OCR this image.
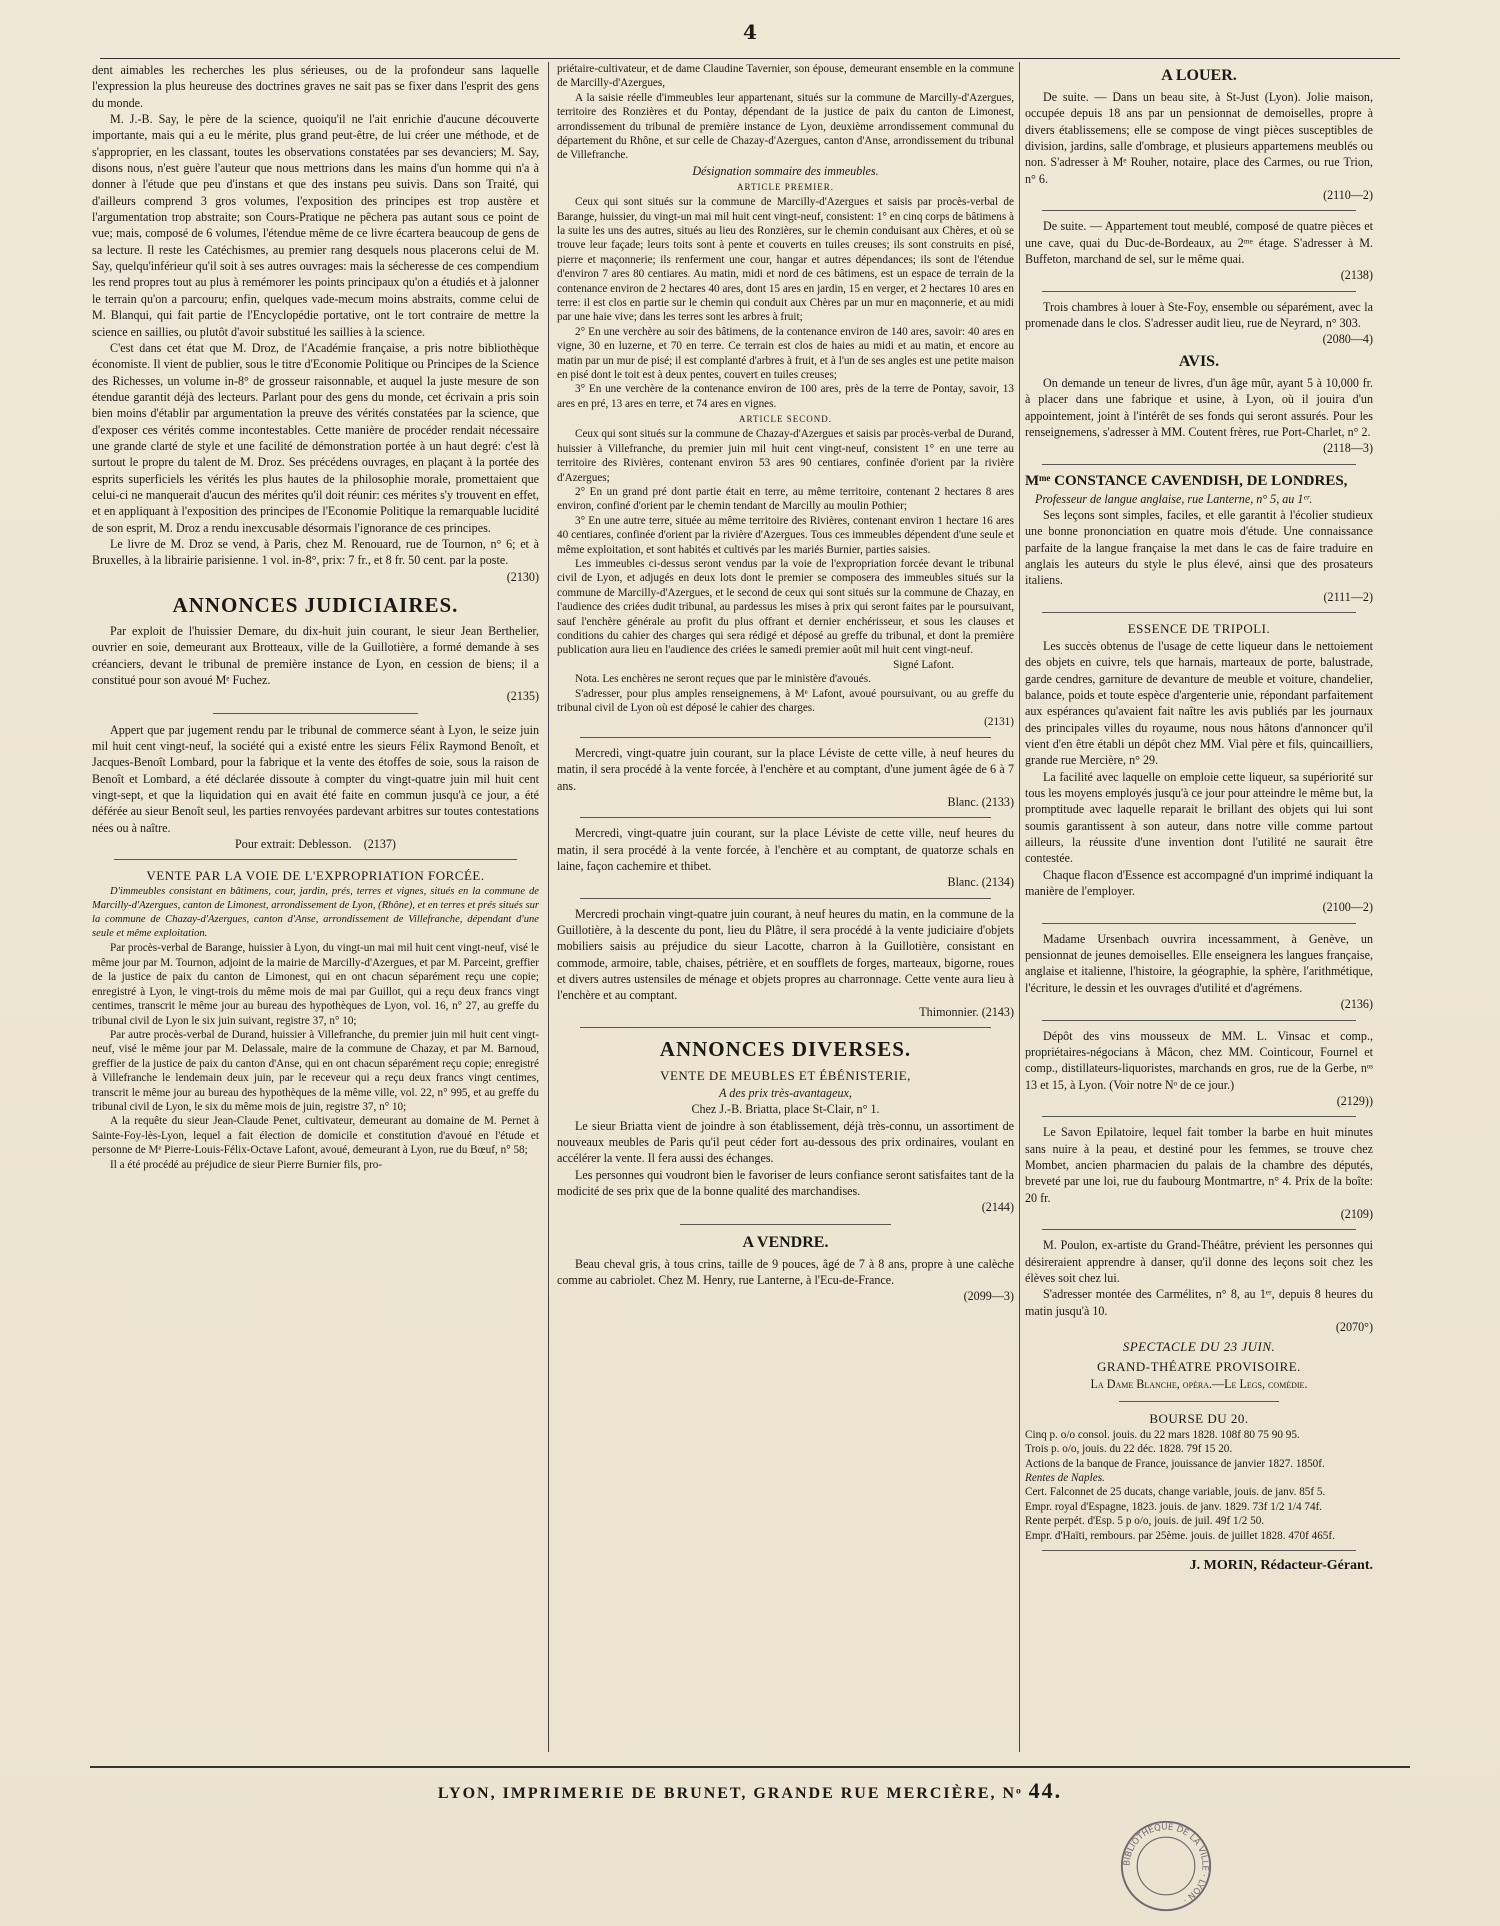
4

dent aimables les recherches les plus sérieuses, ou de la profondeur sans laquelle l'expression la plus heureuse des doctrines graves ne sait pas se fixer dans l'esprit des gens du monde.

M. J.-B. Say, le père de la science, quoiqu'il ne l'ait enrichie d'aucune découverte importante, mais qui a eu le mérite, plus grand peut-être, de lui créer une méthode, et de s'approprier, en les classant, toutes les observations constatées par ses devanciers; M. Say, disons nous, n'est guère l'auteur que nous mettrions dans les mains d'un homme qui n'a à donner à l'étude que peu d'instans et que des instans peu suivis. Dans son Traité, qui d'ailleurs comprend 3 gros volumes, l'exposition des principes est trop austère et l'argumentation trop abstraite; son Cours-Pratique ne pêchera pas autant sous ce point de vue; mais, composé de 6 volumes, l'étendue même de ce livre écartera beaucoup de gens de sa lecture. Il reste les Catéchismes, au premier rang desquels nous placerons celui de M. Say, quelqu'inférieur qu'il soit à ses autres ouvrages: mais la sécheresse de ces compendium les rend propres tout au plus à remémorer les points principaux qu'on a étudiés et à jalonner le terrain qu'on a parcouru; enfin, quelques vade-mecum moins abstraits, comme celui de M. Blanqui, qui fait partie de l'Encyclopédie portative, ont le tort contraire de mettre la science en saillies, ou plutôt d'avoir substitué les saillies à la science.

C'est dans cet état que M. Droz, de l'Académie française, a pris notre bibliothèque économiste. Il vient de publier, sous le titre d'Economie Politique ou Principes de la Science des Richesses, un volume in-8° de grosseur raisonnable, et auquel la juste mesure de son étendue garantit déjà des lecteurs. Parlant pour des gens du monde, cet écrivain a pris soin bien moins d'établir par argumentation la preuve des vérités constatées par la science, que d'exposer ces vérités comme incontestables. Cette manière de procéder rendait nécessaire une grande clarté de style et une facilité de démonstration portée à un haut degré: c'est là surtout le propre du talent de M. Droz. Ses précédens ouvrages, en plaçant à la portée des esprits superficiels les vérités les plus hautes de la philosophie morale, promettaient que celui-ci ne manquerait d'aucun des mérites qu'il doit réunir: ces mérites s'y trouvent en effet, et en appliquant à l'exposition des principes de l'Economie Politique la remarquable lucidité de son esprit, M. Droz a rendu inexcusable désormais l'ignorance de ces principes.

Le livre de M. Droz se vend, à Paris, chez M. Renouard, rue de Tournon, n° 6; et à Bruxelles, à la librairie parisienne. 1 vol. in-8°, prix: 7 fr., et 8 fr. 50 cent. par la poste.

(2130)
ANNONCES JUDICIAIRES.

Par exploit de l'huissier Demare, du dix-huit juin courant, le sieur Jean Berthelier, ouvrier en soie, demeurant aux Brotteaux, ville de la Guillotière, a formé demande à ses créanciers, devant le tribunal de première instance de Lyon, en cession de biens; il a constitué pour son avoué Mᵉ Fuchez.

(2135)

Appert que par jugement rendu par le tribunal de commerce séant à Lyon, le seize juin mil huit cent vingt-neuf, la société qui a existé entre les sieurs Félix Raymond Benoît, et Jacques-Benoît Lombard, pour la fabrique et la vente des étoffes de soie, sous la raison de Benoît et Lombard, a été déclarée dissoute à compter du vingt-quatre juin mil huit cent vingt-sept, et que la liquidation qui en avait été faite en commun jusqu'à ce jour, a été déférée au sieur Benoît seul, les parties renvoyées pardevant arbitres sur toutes contestations nées ou à naître.

Pour extrait: Deblesson. (2137)
VENTE PAR LA VOIE DE L'EXPROPRIATION FORCÉE.

D'immeubles consistant en bâtimens, cour, jardin, prés, terres et vignes, situés en la commune de Marcilly-d'Azergues, canton de Limonest, arrondissement de Lyon, (Rhône), et en terres et prés situés sur la commune de Chazay-d'Azergues, canton d'Anse, arrondissement de Villefranche, dépendant d'une seule et même exploitation.

Par procès-verbal de Barange, huissier à Lyon, du vingt-un mai mil huit cent vingt-neuf, visé le même jour par M. Tournon, adjoint de la mairie de Marcilly-d'Azergues, et par M. Parceint, greffier de la justice de paix du canton de Limonest, qui en ont chacun séparément reçu une copie; enregistré à Lyon, le vingt-trois du même mois de mai par Guillot, qui a reçu deux francs vingt centimes, transcrit le même jour au bureau des hypothèques de Lyon, vol. 16, n° 27, au greffe du tribunal civil de Lyon le six juin suivant, registre 37, n° 10;

Par autre procès-verbal de Durand, huissier à Villefranche, du premier juin mil huit cent vingt-neuf, visé le même jour par M. Delassale, maire de la commune de Chazay, et par M. Barnoud, greffier de la justice de paix du canton d'Anse, qui en ont chacun séparément reçu copie; enregistré à Villefranche le lendemain deux juin, par le receveur qui a reçu deux francs vingt centimes, transcrit le même jour au bureau des hypothèques de la même ville, vol. 22, n° 995, et au greffe du tribunal civil de Lyon, le six du même mois de juin, registre 37, n° 10;

A la requête du sieur Jean-Claude Penet, cultivateur, demeurant au domaine de M. Pernet à Sainte-Foy-lès-Lyon, lequel a fait élection de domicile et constitution d'avoué en l'étude et personne de Mᵉ Pierre-Louis-Félix-Octave Lafont, avoué, demeurant à Lyon, rue du Bœuf, n° 58;

Il a été procédé au préjudice de sieur Pierre Burnier fils, pro-

priétaire-cultivateur, et de dame Claudine Tavernier, son épouse, demeurant ensemble en la commune de Marcilly-d'Azergues,

A la saisie réelle d'immeubles leur appartenant, situés sur la commune de Marcilly-d'Azergues, territoire des Ronzières et du Pontay, dépendant de la justice de paix du canton de Limonest, arrondissement du tribunal de première instance de Lyon, deuxième arrondissement communal du département du Rhône, et sur celle de Chazay-d'Azergues, canton d'Anse, arrondissement du tribunal de Villefranche.

Désignation sommaire des immeubles.
ARTICLE PREMIER.

Ceux qui sont situés sur la commune de Marcilly-d'Azergues et saisis par procès-verbal de Barange, huissier, du vingt-un mai mil huit cent vingt-neuf, consistent: 1° en cinq corps de bâtimens à la suite les uns des autres, situés au lieu des Ronzières, sur le chemin conduisant aux Chères, et où se trouve leur façade; leurs toits sont à pente et couverts en tuiles creuses; ils sont construits en pisé, pierre et maçonnerie; ils renferment une cour, hangar et autres dépendances; ils sont de l'étendue d'environ 7 ares 80 centiares. Au matin, midi et nord de ces bâtimens, est un espace de terrain de la contenance environ de 2 hectares 40 ares, dont 15 ares en jardin, 15 en verger, et 2 hectares 10 ares en terre: il est clos en partie sur le chemin qui conduit aux Chères par un mur en maçonnerie, et au midi par une haie vive; dans les terres sont les arbres à fruit;

2° En une verchère au soir des bâtimens, de la contenance environ de 140 ares, savoir: 40 ares en vigne, 30 en luzerne, et 70 en terre. Ce terrain est clos de haies au midi et au matin, et encore au matin par un mur de pisé; il est complanté d'arbres à fruit, et à l'un de ses angles est une petite maison en pisé dont le toit est à deux pentes, couvert en tuiles creuses;

3° En une verchère de la contenance environ de 100 ares, près de la terre de Pontay, savoir, 13 ares en pré, 13 ares en terre, et 74 ares en vignes.

ARTICLE SECOND.

Ceux qui sont situés sur la commune de Chazay-d'Azergues et saisis par procès-verbal de Durand, huissier à Villefranche, du premier juin mil huit cent vingt-neuf, consistent 1° en une terre au territoire des Rivières, contenant environ 53 ares 90 centiares, confinée d'orient par la rivière d'Azergues;

2° En un grand pré dont partie était en terre, au même territoire, contenant 2 hectares 8 ares environ, confiné d'orient par le chemin tendant de Marcilly au moulin Pothier;

3° En une autre terre, située au même territoire des Rivières, contenant environ 1 hectare 16 ares 40 centiares, confinée d'orient par la rivière d'Azergues. Tous ces immeubles dépendent d'une seule et même exploitation, et sont habités et cultivés par les mariés Burnier, parties saisies.

Les immeubles ci-dessus seront vendus par la voie de l'expropriation forcée devant le tribunal civil de Lyon, et adjugés en deux lots dont le premier se composera des immeubles situés sur la commune de Marcilly-d'Azergues, et le second de ceux qui sont situés sur la commune de Chazay, en l'audience des criées dudit tribunal, au pardessus les mises à prix qui seront faites par le poursuivant, sauf l'enchère générale au profit du plus offrant et dernier enchérisseur, et sous les clauses et conditions du cahier des charges qui sera rédigé et déposé au greffe du tribunal, et dont la première publication aura lieu en l'audience des criées le samedi premier août mil huit cent vingt-neuf.

Signé Lafont.

Nota. Les enchères ne seront reçues que par le ministère d'avoués.

S'adresser, pour plus amples renseignemens, à Mᵉ Lafont, avoué poursuivant, ou au greffe du tribunal civil de Lyon où est déposé le cahier des charges.

(2131)

Mercredi, vingt-quatre juin courant, sur la place Léviste de cette ville, à neuf heures du matin, il sera procédé à la vente forcée, à l'enchère et au comptant, d'une jument âgée de 6 à 7 ans.

Blanc. (2133)

Mercredi, vingt-quatre juin courant, sur la place Léviste de cette ville, neuf heures du matin, il sera procédé à la vente forcée, à l'enchère et au comptant, de quatorze schals en laine, façon cachemire et thibet.

Blanc. (2134)

Mercredi prochain vingt-quatre juin courant, à neuf heures du matin, en la commune de la Guillotière, à la descente du pont, lieu du Plâtre, il sera procédé à la vente judiciaire d'objets mobiliers saisis au préjudice du sieur Lacotte, charron à la Guillotière, consistant en commode, armoire, table, chaises, pétrière, et en soufflets de forges, marteaux, bigorne, roues et divers autres ustensiles de ménage et objets propres au charronnage. Cette vente aura lieu à l'enchère et au comptant.

Thimonnier. (2143)
ANNONCES DIVERSES.
VENTE DE MEUBLES ET ÉBÉNISTERIE,
A des prix très-avantageux,
Chez J.-B. Briatta, place St-Clair, n° 1.

Le sieur Briatta vient de joindre à son établissement, déjà très-connu, un assortiment de nouveaux meubles de Paris qu'il peut céder fort au-dessous des prix ordinaires, voulant en accélérer la vente. Il fera aussi des échanges.

Les personnes qui voudront bien le favoriser de leurs confiance seront satisfaites tant de la modicité de ses prix que de la bonne qualité des marchandises.

(2144)
A VENDRE.

Beau cheval gris, à tous crins, taille de 9 pouces, âgé de 7 à 8 ans, propre à une calèche comme au cabriolet. Chez M. Henry, rue Lanterne, à l'Ecu-de-France.

(2099—3)
A LOUER.

De suite. — Dans un beau site, à St-Just (Lyon). Jolie maison, occupée depuis 18 ans par un pensionnat de demoiselles, propre à divers établissemens; elle se compose de vingt pièces susceptibles de division, jardins, salle d'ombrage, et plusieurs appartemens meublés ou non. S'adresser à Mᵉ Rouher, notaire, place des Carmes, ou rue Trion, n° 6.

(2110—2)

De suite. — Appartement tout meublé, composé de quatre pièces et une cave, quai du Duc-de-Bordeaux, au 2ᵐᵉ étage. S'adresser à M. Buffeton, marchand de sel, sur le même quai.

(2138)

Trois chambres à louer à Ste-Foy, ensemble ou séparément, avec la promenade dans le clos. S'adresser audit lieu, rue de Neyrard, n° 303.

(2080—4)
AVIS.

On demande un teneur de livres, d'un âge mûr, ayant 5 à 10,000 fr. à placer dans une fabrique et usine, à Lyon, où il jouira d'un appointement, joint à l'intérêt de ses fonds qui seront assurés. Pour les renseignemens, s'adresser à MM. Coutent frères, rue Port-Charlet, n° 2.

(2118—3)
Mᵐᵉ CONSTANCE CAVENDISH, DE LONDRES,
Professeur de langue anglaise, rue Lanterne, n° 5, au 1ᵉʳ.

Ses leçons sont simples, faciles, et elle garantit à l'écolier studieux une bonne prononciation en quatre mois d'étude. Une connaissance parfaite de la langue française la met dans le cas de faire traduire en anglais les auteurs du style le plus élevé, ainsi que des prosateurs italiens.

(2111—2)
ESSENCE DE TRIPOLI.

Les succès obtenus de l'usage de cette liqueur dans le nettoiement des objets en cuivre, tels que harnais, marteaux de porte, balustrade, garde cendres, garniture de devanture de meuble et voiture, chandelier, balance, poids et toute espèce d'argenterie unie, répondant parfaitement aux espérances qu'avaient fait naître les avis publiés par les journaux des principales villes du royaume, nous nous hâtons d'annoncer qu'il vient d'en être établi un dépôt chez MM. Vial père et fils, quincailliers, grande rue Mercière, n° 29.

La facilité avec laquelle on emploie cette liqueur, sa supériorité sur tous les moyens employés jusqu'à ce jour pour atteindre le même but, la promptitude avec laquelle reparait le brillant des objets qui lui sont soumis garantissent à son auteur, dans notre ville comme partout ailleurs, la réussite d'une invention dont l'utilité ne saurait être contestée.

Chaque flacon d'Essence est accompagné d'un imprimé indiquant la manière de l'employer.

(2100—2)

Madame Ursenbach ouvrira incessamment, à Genève, un pensionnat de jeunes demoiselles. Elle enseignera les langues française, anglaise et italienne, l'histoire, la géographie, la sphère, l'arithmétique, l'écriture, le dessin et les ouvrages d'utilité et d'agrémens.

(2136)

Dépôt des vins mousseux de MM. L. Vinsac et comp., propriétaires-négocians à Mâcon, chez MM. Cointicour, Fournel et comp., distillateurs-liquoristes, marchands en gros, rue de la Gerbe, nᵒˢ 13 et 15, à Lyon. (Voir notre Nᵒ de ce jour.)

(2129))

Le Savon Epilatoire, lequel fait tomber la barbe en huit minutes sans nuire à la peau, et destiné pour les femmes, se trouve chez Mombet, ancien pharmacien du palais de la chambre des députés, breveté par une loi, rue du faubourg Montmartre, n° 4. Prix de la boîte: 20 fr.

(2109)

M. Poulon, ex-artiste du Grand-Théâtre, prévient les personnes qui désireraient apprendre à danser, qu'il donne des leçons soit chez les élèves soit chez lui.

S'adresser montée des Carmélites, n° 8, au 1ᵉʳ, depuis 8 heures du matin jusqu'à 10.

(2070°)
SPECTACLE DU 23 JUIN.
GRAND-THÉATRE PROVISOIRE.
La Dame Blanche, opéra.—Le Legs, comédie.
BOURSE DU 20.

Cinq p. o/o consol. jouis. du 22 mars 1828. 108f 80 75 90 95.

Trois p. o/o, jouis. du 22 déc. 1828. 79f 15 20.

Actions de la banque de France, jouissance de janvier 1827. 1850f.

Rentes de Naples.

Cert. Falconnet de 25 ducats, change variable, jouis. de janv. 85f 5.

Empr. royal d'Espagne, 1823. jouis. de janv. 1829. 73f 1/2 1/4 74f.

Rente perpét. d'Esp. 5 p o/o, jouis. de juil. 49f 1/2 50.

Empr. d'Haïti, rembours. par 25ème. jouis. de juillet 1828. 470f 465f.

J. MORIN, Rédacteur-Gérant.
LYON, IMPRIMERIE DE BRUNET, GRANDE RUE MERCIÈRE, Nᵒ 44.
BIBLIOTHÈQUE DE LA VILLE · LYON ·
